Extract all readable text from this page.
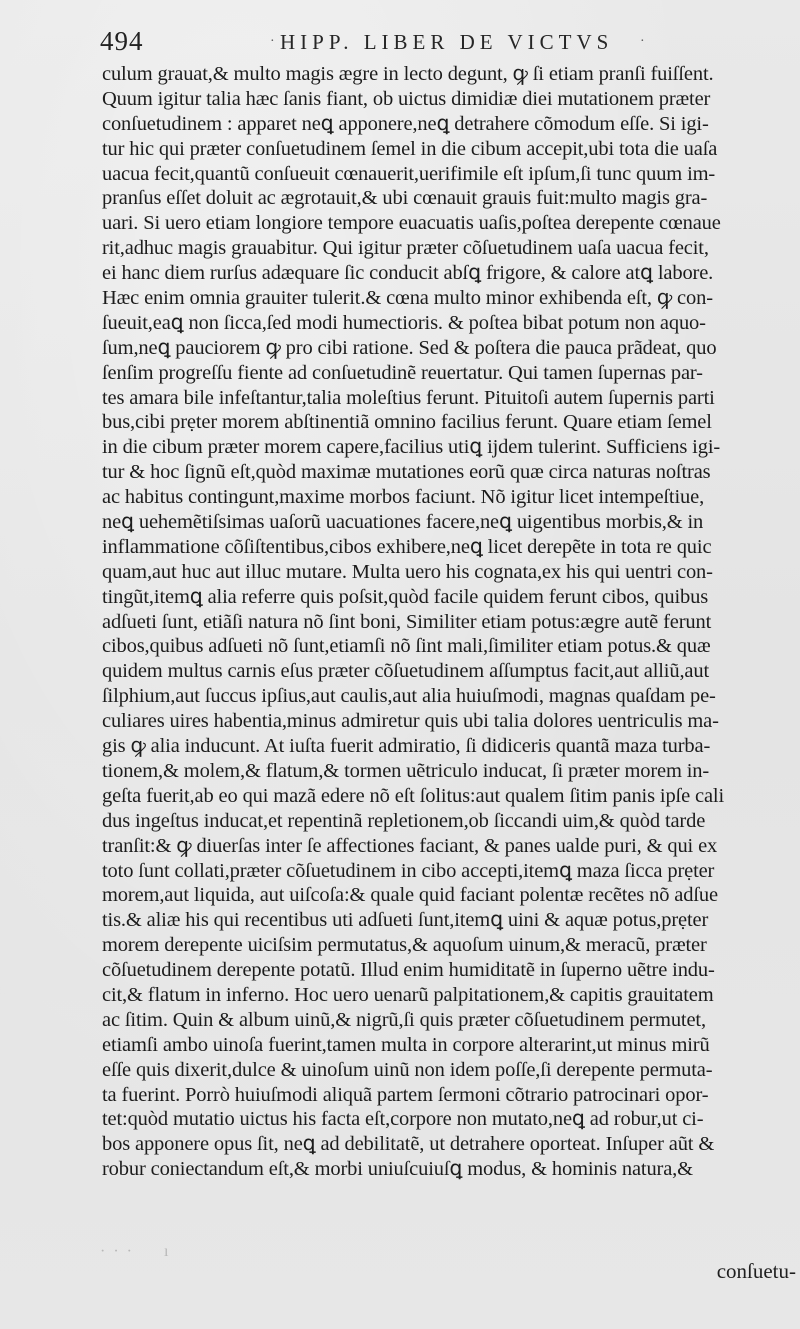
494	· HIPP. LIBER DE VICTVS ·
culum grauat,& multo magis ægre in lecto degunt, ꝙ ſi etiam pranſi fuiſſent.
Quum igitur talia hæc ſanis fiant, ob uictus dimidiæ diei mutationem præter
conſuetudinem : apparet neꝗ apponere,neꝗ detrahere cõmodum eſſe. Si igi-
tur hic qui præter conſuetudinem ſemel in die cibum accepit,ubi tota die uaſa
uacua fecit,quantũ conſueuit cœnauerit,uerifimile eſt ipſum,ſi tunc quum im-
pranſus eſſet doluit ac ægrotauit,& ubi cœnauit grauis fuit:multo magis gra-
uari. Si uero etiam longiore tempore euacuatis uaſis,poſtea derepente cœnaue
rit,adhuc magis grauabitur. Qui igitur præter cõſuetudinem uaſa uacua fecit,
ei hanc diem rurſus adæquare ſic conducit abſꝗ frigore, & calore atꝗ labore.
Hæc enim omnia grauiter tulerit.& cœna multo minor exhibenda eſt, ꝙ con-
ſueuit,eaꝗ non ſicca,ſed modi humectioris. & poſtea bibat potum non aquo-
ſum,neꝗ pauciorem ꝙ pro cibi ratione. Sed & poſtera die pauca prãdeat, quo
ſenſim progreſſu fiente ad conſuetudinẽ reuertatur. Qui tamen ſupernas par-
tes amara bile infeſtantur,talia moleſtius ferunt. Pituitoſi autem ſupernis parti
bus,cibi prẹter morem abſtinentiã omnino facilius ferunt. Quare etiam ſemel
in die cibum præter morem capere,facilius utiꝗ ijdem tulerint. Sufficiens igi-
tur & hoc ſignũ eſt,quòd maximæ mutationes eorũ quæ circa naturas noſtras
ac habitus contingunt,maxime morbos faciunt. Nõ igitur licet intempeſtiue,
neꝗ uehemẽtiſsimas uaſorũ uacuationes facere,neꝗ uigentibus morbis,& in
inflammatione cõſiſtentibus,cibos exhibere,neꝗ licet derepẽte in tota re quic
quam,aut huc aut illuc mutare. Multa uero his cognata,ex his qui uentri con-
tingũt,itemꝗ alia referre quis poſsit,quòd facile quidem ferunt cibos, quibus
adſueti ſunt, etiãſi natura nõ ſint boni, Similiter etiam potus:ægre autẽ ferunt
cibos,quibus adſueti nõ ſunt,etiamſi nõ ſint mali,ſimiliter etiam potus.& quæ
quidem multus carnis eſus præter cõſuetudinem aſſumptus facit,aut alliũ,aut
ſilphium,aut ſuccus ipſius,aut caulis,aut alia huiuſmodi, magnas quaſdam pe-
culiares uires habentia,minus admiretur quis ubi talia dolores uentriculis ma-
gis ꝙ alia inducunt. At iuſta fuerit admiratio, ſi didiceris quantã maza turba-
tionem,& molem,& flatum,& tormen uẽtriculo inducat, ſi præter morem in-
geſta fuerit,ab eo qui mazã edere nõ eſt ſolitus:aut qualem ſitim panis ipſe cali
dus ingeſtus inducat,et repentinã repletionem,ob ſiccandi uim,& quòd tarde
tranſit:& ꝙ diuerſas inter ſe affectiones faciant, & panes ualde puri, & qui ex
toto ſunt collati,præter cõſuetudinem in cibo accepti,itemꝗ maza ſicca prẹter
morem,aut liquida, aut uiſcoſa:& quale quid faciant polentæ recẽtes nõ adſue
tis.& aliæ his qui recentibus uti adſueti ſunt,itemꝗ uini & aquæ potus,prẹter
morem derepente uiciſsim permutatus,& aquoſum uinum,& meracũ, præter
cõſuetudinem derepente potatũ. Illud enim humiditatẽ in ſuperno uẽtre indu-
cit,& flatum in inferno. Hoc uero uenarũ palpitationem,& capitis grauitatem
ac ſitim. Quin & album uinũ,& nigrũ,ſi quis præter cõſuetudinem permutet,
etiamſi ambo uinoſa fuerint,tamen multa in corpore alterarint,ut minus mirũ
eſſe quis dixerit,dulce & uinoſum uinũ non idem poſſe,ſi derepente permuta-
ta fuerint. Porrò huiuſmodi aliquã partem ſermoni cõtrario patrocinari opor-
tet:quòd mutatio uictus his facta eſt,corpore non mutato,neꝗ ad robur,ut ci-
bos apponere opus ſit, neꝗ ad debilitatẽ, ut detrahere oporteat. Inſuper aũt &
robur coniectandum eſt,& morbi uniuſcuiuſꝗ modus, & hominis natura,&
· · ·     ı
conſuetu-
